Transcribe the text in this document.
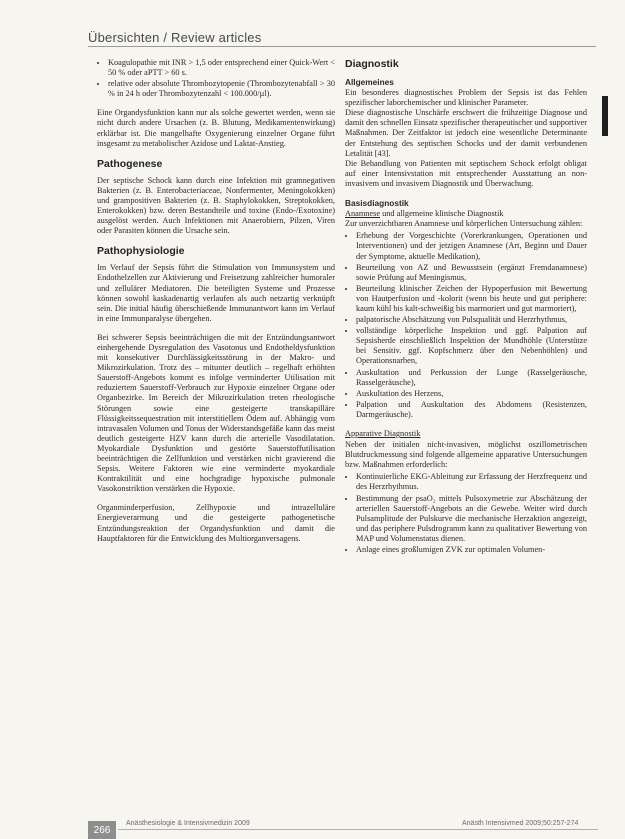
Übersichten / Review articles
• Koagulopathie mit INR > 1,5 oder entsprechend einer Quick-Wert < 50 % oder aPTT > 60 s.
• relative oder absolute Thrombozytopenie (Thrombozytenabfall > 30 % in 24 h oder Thrombozytenzahl < 100.000/µl).

Eine Organdysfunktion kann nur als solche gewertet werden, wenn sie nicht durch andere Ursachen (z. B. Blutung, Medikamentenwirkung) erklärbar ist. Die mangelhafte Oxygenierung einzelner Organe führt insgesamt zu metabolischer Azidose und Laktat-Anstieg.

Pathogenese

Der septische Schock kann durch eine Infektion mit gramnegativen Bakterien (z. B. Enterobacteriaceae, Nonfermenter, Meningokokken) und grampositiven Bakterien (z. B. Staphylokokken, Streptokokken, Enterokokken) bzw. deren Bestandteile und toxine (Endo-/Exotoxine) ausgelöst werden. Auch Infektionen mit Anaerobiern, Pilzen, Viren oder Parasiten können die Ursache sein.

Pathophysiologie

Im Verlauf der Sepsis führt die Stimulation von Immunsystem und Endothelzellen zur Aktivierung und Freisetzung zahlreicher humoraler und zellulärer Mediatoren. Die beteiligten Systeme und Prozesse können sowohl kaskadenartig verlaufen als auch netzartig verknüpft sein. Die initial häufig überschießende Immunantwort kann im Verlauf in eine Immunparalyse übergehen.

Bei schwerer Sepsis beeinträchtigen die mit der Entzündungsantwort einhergehende Dysregulation des Vasotonus und Endotheldysfunktion mit konsekutiver Durchlässigkeitsstörung in der Makro- und Mikrozirkulation. Trotz des – mitunter deutlich – regelhaft erhöhten Sauerstoff-Angebots kommt es infolge verminderter Utilisation mit reduziertem Sauerstoff-Verbrauch zur Hypoxie einzelner Organe oder Organbezirke. Im Bereich der Mikrozirkulation treten rheologische Störungen sowie eine gesteigerte transkapilläre Flüssigkeitssequestration mit interstitiellem Ödem auf. Abhängig vom intravasalen Volumen und Tonus der Widerstandsgefäße kann das meist deutlich gesteigerte HZV kann durch die arterielle Vasodilatation. Myokardiale Dysfunktion und gestörte Sauerstoffutilisation beeinträchtigen die Zellfunktion und verstärken nicht gravierend die Sepsis. Weitere Faktoren wie eine verminderte myokardiale Kontraktilität und eine hochgradige hypoxische pulmonale Vasokonstriktion verstärken die Hypoxie.

Organminderperfusion, Zellhypoxie und intrazelluläre Energieverarmung und die gesteigerte pathogenetische Entzündungsreaktion der Organdysfunktion und damit die Hauptfaktoren für die Entwicklung des Multiorganversagens.

Diagnostik
Allgemeines

Ein besonderes diagnostisches Problem der Sepsis ist das Fehlen spezifischer laborchemischer und klinischer Parameter.

Diese diagnostische Unschärfe erschwert die frühzeitige Diagnose und damit den schnellen Einsatz spezifischer therapeutischer und supportiver Maßnahmen. Der Zeitfaktor ist jedoch eine wesentliche Determinante der Entstehung des septischen Schocks und der damit verbundenen Letalität [43].

Die Behandlung von Patienten mit septischem Schock erfolgt obligat auf einer Intensivstation mit entsprechender Ausstattung an non-invasivem und invasivem Diagnostik und Überwachung.

Basisdiagnostik

Anamnese und allgemeine klinische Diagnostik

Zur unverzichtbaren Anamnese und körperlichen Untersuchung zählen:

• Erhebung der Vorgeschichte (Vorerkrankungen, Operationen und Interventionen) und der jetzigen Anamnese (Art, Beginn und Dauer der Symptome, aktuelle Medikation),
• Beurteilung von AZ und Bewusstsein (ergänzt Fremdanamnese) sowie Prüfung auf Meningismus,
• Beurteilung klinischer Zeichen der Hypoperfusion mit Bewertung von Hautperfusion und -kolorit (wenn bis heute und gut periphere: kaum kühl bis kalt-schweißig bis marmoriert und gut marmoriert),
• palpatorische Abschätzung von Pulsqualität und Herzrhythmus,
• vollständige körperliche Inspektion und ggf. Palpation auf Sepsisherde einschließlich Inspektion der Mundhöhle (Unterstütze bei Sensitiv. ggf. Kopfschmerz über den Nebenhöhlen) und Operationsnarben,
• Auskultation und Perkussion der Lunge (Rasselgeräusche, Rasselgeräusche),
• Auskultation des Herzens,
• Palpation und Auskultation des Abdomens (Resistenzen, Darmgeräusche).
Apparative Diagnostik

Neben der initialen nicht-invasiven, möglichst oszillometrischen Blutdruckmessung sind folgende allgemeine apparative Untersuchungen bzw. Maßnahmen erforderlich:

• Kontinuierliche EKG-Ableitung zur Erfassung der Herzfrequenz und des Herzrhythmus.
• Bestimmung der psaO₂ mittels Pulsoxymetrie zur Abschätzung der arteriellen Sauerstoff-Angebots an die Gewebe. Weiter wird durch Pulsamplitude der Pulskurve die mechanische Herzaktion angezeigt, und das periphere Pulsdrogramm kann zu qualitativer Bewertung von MAP und Volumenstatus dienen.
• Anlage eines großlumigen ZVK zur optimalen Volumen-
266
Anästhesiologie & Intensivmedizin 2009	Anästh Intensivmed 2009;50:257-274
